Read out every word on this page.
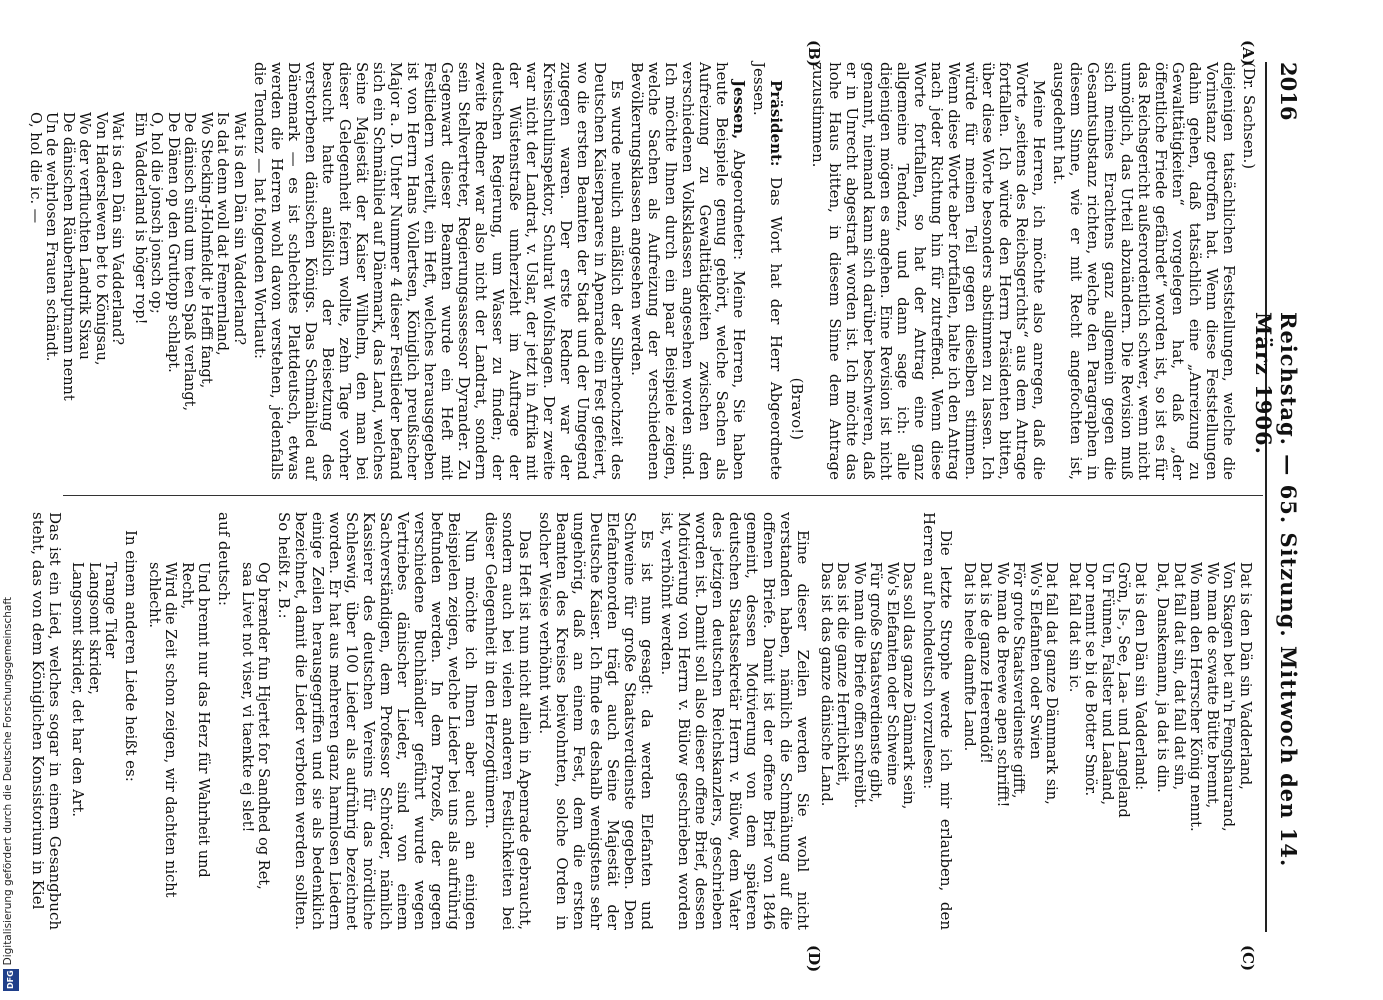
2016
Reichstag. — 65. Sitzung. Mittwoch den 14. März 1906.
(A)
(B)
(C)
(D)

(Dr. Sachsen.)

diejenigen tatsächlichen Feststellungen, welche die Vorinstanz getroffen hat. Wenn diese Feststellungen dahin gehen, daß tatsächlich eine „Anreizung zu Gewalttätigkeiten“ vorgelegen hat, daß „der öffentliche Friede gefährdet“ worden ist, so ist es für das Reichsgericht außerordentlich schwer, wenn nicht unmöglich, das Urteil abzuändern. Die Revision muß sich meines Erachtens ganz allgemein gegen die Gesamtsubstanz richten, welche den Paragraphen in diesem Sinne, wie er mit Recht angefochten ist, ausgedehnt hat.

Meine Herren, ich möchte also anregen, daß die Worte „seitens des Reichsgerichts“ aus dem Antrage fortfallen. Ich würde den Herrn Präsidenten bitten, über diese Worte besonders abstimmen zu lassen. Ich würde für meinen Teil gegen dieselben stimmen. Wenn diese Worte aber fortfallen, halte ich den Antrag nach jeder Richtung hin für zutreffend. Wenn diese Worte fortfallen, so hat der Antrag eine ganz allgemeine Tendenz, und dann sage ich: alle diejenigen mögen es angehen. Eine Revision ist nicht genannt, niemand kann sich darüber beschweren, daß er in Unrecht abgestraft worden ist. Ich möchte das hohe Haus bitten, in diesem Sinne dem Antrage zuzustimmen.

(Bravo!)

Präsident: Das Wort hat der Herr Abgeordnete Jessen.

Jessen, Abgeordneter: Meine Herren, Sie haben heute Beispiele genug gehört, welche Sachen als Aufreizung zu Gewalttätigkeiten zwischen den verschiedenen Volksklassen angesehen worden sind. Ich möchte Ihnen durch ein paar Beispiele zeigen, welche Sachen als Aufreizung der verschiedenen Bevölkerungsklassen angesehen werden.

Es wurde neulich anläßlich der Silberhochzeit des Deutschen Kaiserpaares in Apenrade ein Fest gefeiert, wo die ersten Beamten der Stadt und der Umgegend zugegen waren. Der erste Redner war der Kreisschulinspektor, Schulrat Wolfshagen. Der zweite war nicht der Landrat, v. Uslar, der jetzt in Afrika mit der Wüstenstraße umherzieht im Auftrage der deutschen Regierung, um Wasser zu finden; der zweite Redner war also nicht der Landrat, sondern sein Stellvertreter, Regierungsassessor Dyrander. Zu Gegenwart dieser Beamten wurde ein Heft mit Festliedern verteilt, ein Heft, welches herausgegeben ist von Herrn Hans Vollertsen, Königlich preußischer Major a. D. Unter Nummer 4 dieser Festlieder befand sich ein Schmählied auf Dänemark, das Land, welches Seine Majestät der Kaiser Wilhelm, den man bei dieser Gelegenheit feiern wollte, zehn Tage vorher besucht hatte anläßlich der Beisetzung des verstorbenen dänischen Königs. Das Schmählied auf Dänemark — es ist schlechtes Plattdeutsch, etwas werden die Herren wohl davon verstehen, jedenfalls die Tendenz — hat folgenden Wortlaut:

Wat is den Dän sin Vadderland?
Is dat denn woll dat Femernland,
Wo Stecking-Holmfeldt je Heffi fangt,
De dänisch sünd um teen Spaß verlangt,
De Dänen op den Gruttopp schlapt.
O, hol die jonsch jonsch op;
Ein Vadderland is höger rop!
Wat is den Dän sin Vadderland?
Von Haderslewen bet to Königsau,
Wo der verfluchten Landrik Sixau
De dänischen Räuberhauptmann nennt
Un de wehrlosen Frauen schändt.
O, hol die ic. —
Dat is den Dän sin Vadderland,
Von Skagen bet an'n Femgshaurand,
Wo man de scwatte Bütte brennt,
Wo man den Herrscher König nennt.
Dat fall dat sin, dat fall dat sin,
Dat, Danskemann, ja dat is din.
Dat is den Dän sin Vadderland:
Grön, Is-, See, Laa- und Langeland
Un Fünnen, Falster und Laaland,
Dor nennt se bi de Botter Smör.
Dat fall dat sin ic.
Dat fall dat ganze Dännmark sin,
Wo's Elefanten oder Swien
För grote Staatsverdienste gifft,
Wo man de Breewe apen schrifft!
Dat is de ganze Heerendöf!
Dat is heele damfte Land.

Die letzte Strophe werde ich mir erlauben, den Herren auf hochdeutsch vorzulesen:

Das soll das ganze Dänmark sein,
Wo's Elefanten oder Schweine
Für große Staatsverdienste gibt,
Wo man die Briefe offen schreibt.
Das ist die ganze Herrlichkeit,
Das ist das ganze dänische Land.

Eine dieser Zeilen werden Sie wohl nicht verstanden haben, nämlich die Schmähung auf die offenen Briefe. Damit ist der offene Brief von 1846 gemeint, dessen Motivierung von dem späteren deutschen Staatssekretär Herrn v. Bülow, dem Vater des jetzigen deutschen Reichskanzlers, geschrieben worden ist. Damit soll also dieser offene Brief, dessen Motivierung von Herrn v. Bülow geschrieben worden ist, verhöhnt werden.

Es ist nun gesagt: da werden Elefanten und Schweine für große Staatsverdienste gegeben. Den Elefantenorden trägt auch Seine Majestät der Deutsche Kaiser. Ich finde es deshalb wenigstens sehr ungehörig, daß an einem Fest, dem die ersten Beamten des Kreises beiwohnten, solche Orden in solcher Weise verhöhnt wird.

Das Heft ist nun nicht allein in Apenrade gebraucht, sondern auch bei vielen anderen Festlichkeiten bei dieser Gelegenheit in den Herzogtümern.

Nun möchte ich Ihnen aber auch an einigen Beispielen zeigen, welche Lieder bei uns als aufrührig befunden werden. In dem Prozeß, der gegen verschiedene Buchhändler geführt wurde wegen Vertriebes dänischer Lieder, sind von einem Sachverständigen, dem Professor Schröder, nämlich Kassierer des deutschen Vereins für das nördliche Schleswig, über 100 Lieder als aufrührig bezeichnet worden. Er hat aus mehreren ganz harmlosen Liedern einige Zeilen herausgegriffen und sie als bedenklich bezeichnet, damit die Lieder verboten werden sollten. So heißt z. B.:

Og brænder fun Hjertet for Sandhed og Ret,
saa Livet not viser, vi taenkte ej slet!

auf deutsch:

Und brennt nur das Herz für Wahrheit und
Recht,
Wird die Zeit schon zeigen, wir dachten nicht
schlecht.

In einem anderen Liede heißt es:

Trange Tider
Langsomt skrider,
Langsomt skrider, det har den Art.

Das ist ein Lied, welches sogar in einem Gesangbuch steht, das von dem Königlichen Konsistorium in Kiel

Digitalisierung gefördert durch die Deutsche Forschungsgemeinschaft
DFG
